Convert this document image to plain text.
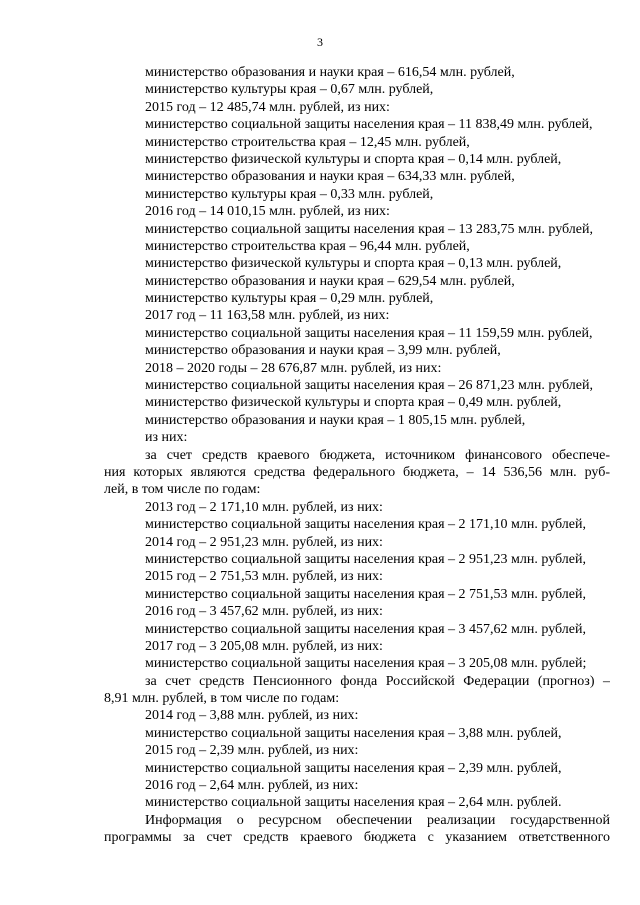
3
министерство образования и науки края – 616,54 млн. рублей,
министерство культуры края – 0,67 млн. рублей,
2015 год – 12 485,74 млн. рублей, из них:
министерство социальной защиты населения края – 11 838,49 млн. рублей,
министерство строительства края – 12,45 млн. рублей,
министерство физической культуры и спорта края – 0,14 млн. рублей,
министерство образования и науки края – 634,33 млн. рублей,
министерство культуры края – 0,33 млн. рублей,
2016 год – 14 010,15 млн. рублей, из них:
министерство социальной защиты населения края – 13 283,75 млн. рублей,
министерство строительства края – 96,44 млн. рублей,
министерство физической культуры и спорта края – 0,13 млн. рублей,
министерство образования и науки края – 629,54 млн. рублей,
министерство культуры края – 0,29 млн. рублей,
2017 год – 11 163,58 млн. рублей, из них:
министерство социальной защиты населения края – 11 159,59 млн. рублей,
министерство образования и науки края – 3,99 млн. рублей,
2018 – 2020 годы – 28 676,87 млн. рублей, из них:
министерство социальной защиты населения края – 26 871,23 млн. рублей,
министерство физической культуры и спорта края – 0,49 млн. рублей,
министерство образования и науки края – 1 805,15 млн. рублей,
из них:
за счет средств краевого бюджета, источником финансового обеспече-
ния которых являются средства федерального бюджета, – 14 536,56 млн. руб-
лей, в том числе по годам:
2013 год – 2 171,10 млн. рублей, из них:
министерство социальной защиты населения края – 2 171,10 млн. рублей,
2014 год – 2 951,23 млн. рублей, из них:
министерство социальной защиты населения края – 2 951,23 млн. рублей,
2015 год – 2 751,53 млн. рублей, из них:
министерство социальной защиты населения края – 2 751,53 млн. рублей,
2016 год – 3 457,62 млн. рублей, из них:
министерство социальной защиты населения края – 3 457,62 млн. рублей,
2017 год – 3 205,08 млн. рублей, из них:
министерство социальной защиты населения края – 3 205,08 млн. рублей;
за счет средств Пенсионного фонда Российской Федерации (прогноз) –
8,91 млн. рублей, в том числе по годам:
2014 год – 3,88 млн. рублей, из них:
министерство социальной защиты населения края – 3,88 млн. рублей,
2015 год – 2,39 млн. рублей, из них:
министерство социальной защиты населения края – 2,39 млн. рублей,
2016 год – 2,64 млн. рублей, из них:
министерство социальной защиты населения края – 2,64 млн. рублей.
Информация о ресурсном обеспечении реализации государственной
программы за счет средств краевого бюджета с указанием ответственного
